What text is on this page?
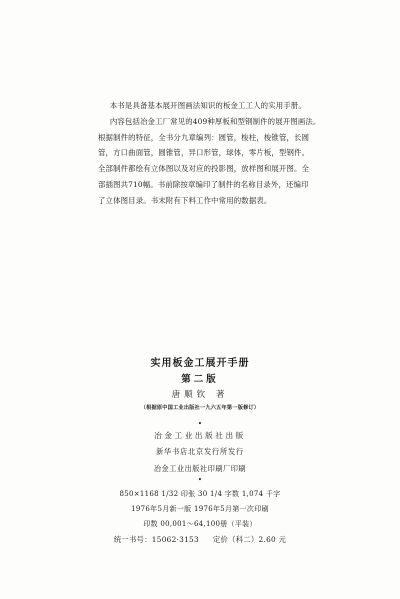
本书是具备基本展开图画法知识的板金工工人的实用手册。

内容包括冶金工厂常见的409种厚板和型钢制件的展开图画法。

根据制件的特征，全书分九章编列：圆管，梭柱，梭锥管，长圆

管，方口曲面管，圆锥管，异口形管，球体，零片板，型钢件。

全部制件都绘有立体图以及对应的投影图，放样图和展开图。全

部插图共710幅。书前除按章编印了制件的名称目录外，还编印

了立体图目录。书末附有下料工作中常用的数据表。

实用板金工展开手册
第二版
唐顺钦 著
（根据原中国工业出版社一九六五年第一版修订）
•
冶金工业出版社出版
新华书店北京发行所发行
冶金工业出版社印刷厂印刷
•
850×1168 1/32 印张 30 1/4 字数 1,074 千字
1976年5月新一版 1976年5月第一次印刷
印数 00,001～64,100册（平装）
统一书号：15062·3153 定价（科二）2.60 元
